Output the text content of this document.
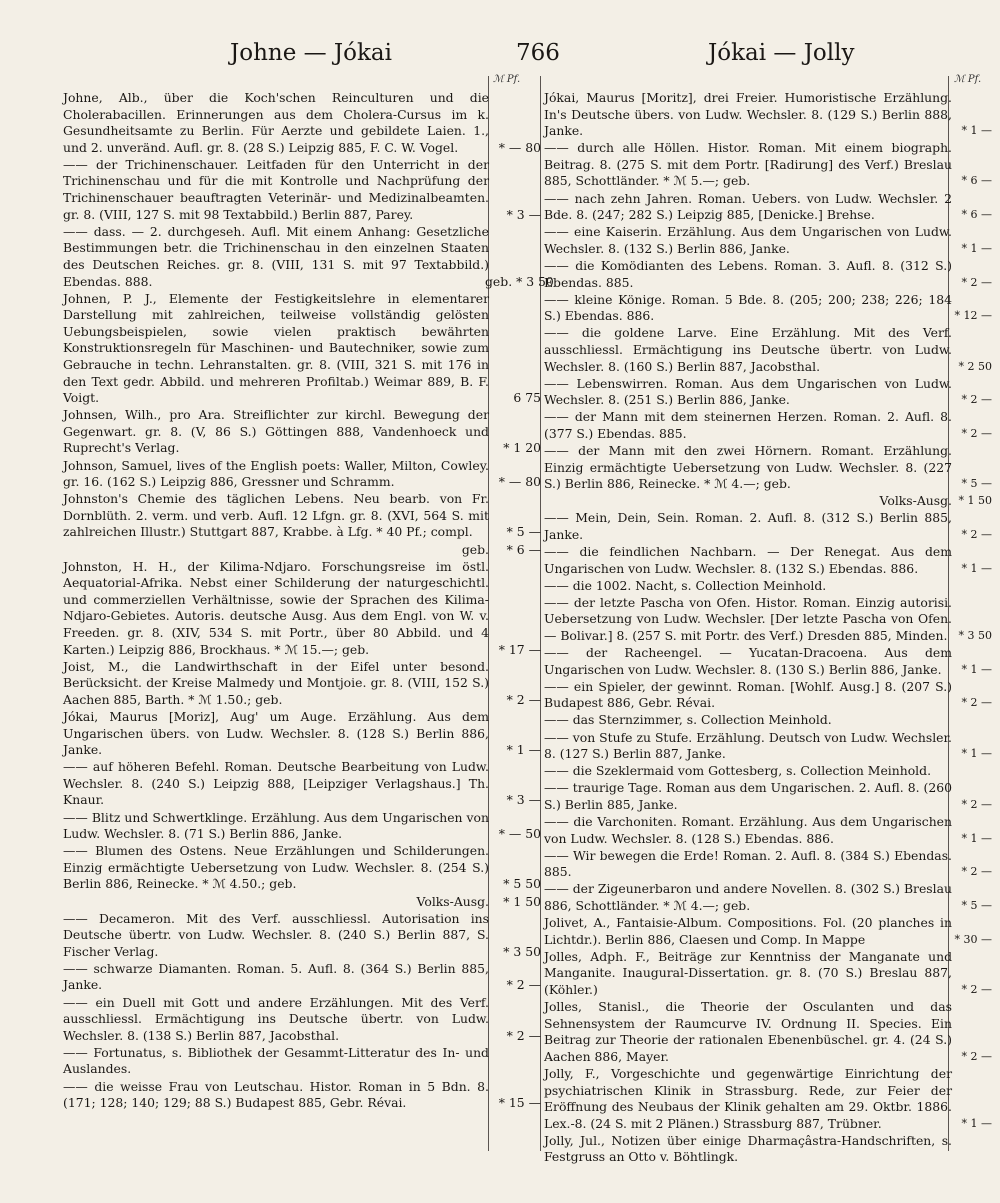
Johne — Jókai	766	Jókai — Jolly
ℳ Pf.	ℳ Pf.
Johne, Alb., über die Koch'schen Reinculturen und die Cholerabacillen. Erinnerungen aus dem Cholera-Cursus im k. Gesundheitsamte zu Berlin. Für Aerzte und gebildete Laien. 1., und 2. unveränd. Aufl. gr. 8. (28 S.) Leipzig 885, F. C. W. Vogel.	* — 80
—— der Trichinenschauer. Leitfaden für den Unterricht in der Trichinenschau und für die mit Kontrolle und Nachprüfung der Trichinenschauer beauftragten Veterinär- und Medizinalbeamten. gr. 8. (VIII, 127 S. mit 98 Textabbild.) Berlin 887, Parey.	* 3 —
—— dass. — 2. durchgeseh. Aufl. Mit einem Anhang: Gesetzliche Bestimmungen betr. die Trichinenschau in den einzelnen Staaten des Deutschen Reiches. gr. 8. (VIII, 131 S. mit 97 Textabbild.) Ebendas. 888.	geb. * 3 50
Johnen, P. J., Elemente der Festigkeitslehre in elementarer Darstellung mit zahlreichen, teilweise vollständig gelösten Uebungsbeispielen, sowie vielen praktisch bewährten Konstruktionsregeln für Maschinen- und Bautechniker, sowie zum Gebrauche in techn. Lehranstalten. gr. 8. (VIII, 321 S. mit 176 in den Text gedr. Abbild. und mehreren Profiltab.) Weimar 889, B. F. Voigt.	6 75
Johnsen, Wilh., pro Ara. Streiflichter zur kirchl. Bewegung der Gegenwart. gr. 8. (V, 86 S.) Göttingen 888, Vandenhoeck und Ruprecht's Verlag.	* 1 20
Johnson, Samuel, lives of the English poets: Waller, Milton, Cowley. gr. 16. (162 S.) Leipzig 886, Gressner und Schramm.	* — 80
Johnston's Chemie des täglichen Lebens. Neu bearb. von Fr. Dornblüth. 2. verm. und verb. Aufl. 12 Lfgn. gr. 8. (XVI, 564 S. mit zahlreichen Illustr.) Stuttgart 887, Krabbe. à Lfg. * 40 Pf.; compl.	* 5 —
geb.	* 6 —
Johnston, H. H., der Kilima-Ndjaro. Forschungsreise im östl. Aequatorial-Afrika. Nebst einer Schilderung der naturgeschichtl. und commerziellen Verhältnisse, sowie der Sprachen des Kilima-Ndjaro-Gebietes. Autoris. deutsche Ausg. Aus dem Engl. von W. v. Freeden. gr. 8. (XIV, 534 S. mit Portr., über 80 Abbild. und 4 Karten.) Leipzig 886, Brockhaus. * ℳ 15.—; geb.	* 17 —
Joist, M., die Landwirthschaft in der Eifel unter besond. Berücksicht. der Kreise Malmedy und Montjoie. gr. 8. (VIII, 152 S.) Aachen 885, Barth. * ℳ 1.50.; geb.	* 2 —
Jókai, Maurus [Moriz], Aug' um Auge. Erzählung. Aus dem Ungarischen übers. von Ludw. Wechsler. 8. (128 S.) Berlin 886, Janke.	* 1 —
—— auf höheren Befehl. Roman. Deutsche Bearbeitung von Ludw. Wechsler. 8. (240 S.) Leipzig 888, [Leipziger Verlagshaus.] Th. Knaur.	* 3 —
—— Blitz und Schwertklinge. Erzählung. Aus dem Ungarischen von Ludw. Wechsler. 8. (71 S.) Berlin 886, Janke.	* — 50
—— Blumen des Ostens. Neue Erzählungen und Schilderungen. Einzig ermächtigte Uebersetzung von Ludw. Wechsler. 8. (254 S.) Berlin 886, Reinecke. * ℳ 4.50.; geb.	* 5 50
Volks-Ausg.	* 1 50
—— Decameron. Mit des Verf. ausschliessl. Autorisation ins Deutsche übertr. von Ludw. Wechsler. 8. (240 S.) Berlin 887, S. Fischer Verlag.	* 3 50
—— schwarze Diamanten. Roman. 5. Aufl. 8. (364 S.) Berlin 885, Janke.	* 2 —
—— ein Duell mit Gott und andere Erzählungen. Mit des Verf. ausschliessl. Ermächtigung ins Deutsche übertr. von Ludw. Wechsler. 8. (138 S.) Berlin 887, Jacobsthal.	* 2 —
—— Fortunatus, s. Bibliothek der Gesammt-Litteratur des In- und Auslandes.
—— die weisse Frau von Leutschau. Histor. Roman in 5 Bdn. 8. (171; 128; 140; 129; 88 S.) Budapest 885, Gebr. Révai.	* 15 —
Jókai, Maurus [Moritz], drei Freier. Humoristische Erzählung. In's Deutsche übers. von Ludw. Wechsler. 8. (129 S.) Berlin 888, Janke.	* 1 —
—— durch alle Höllen. Histor. Roman. Mit einem biograph. Beitrag. 8. (275 S. mit dem Portr. [Radirung] des Verf.) Breslau 885, Schottländer. * ℳ 5.—; geb.	* 6 —
—— nach zehn Jahren. Roman. Uebers. von Ludw. Wechsler. 2 Bde. 8. (247; 282 S.) Leipzig 885, [Denicke.] Brehse.	* 6 —
—— eine Kaiserin. Erzählung. Aus dem Ungarischen von Ludw. Wechsler. 8. (132 S.) Berlin 886, Janke.	* 1 —
—— die Komödianten des Lebens. Roman. 3. Aufl. 8. (312 S.) Ebendas. 885.	* 2 —
—— kleine Könige. Roman. 5 Bde. 8. (205; 200; 238; 226; 184 S.) Ebendas. 886.	* 12 —
—— die goldene Larve. Eine Erzählung. Mit des Verf. ausschliessl. Ermächtigung ins Deutsche übertr. von Ludw. Wechsler. 8. (160 S.) Berlin 887, Jacobsthal.	* 2 50
—— Lebenswirren. Roman. Aus dem Ungarischen von Ludw. Wechsler. 8. (251 S.) Berlin 886, Janke.	* 2 —
—— der Mann mit dem steinernen Herzen. Roman. 2. Aufl. 8. (377 S.) Ebendas. 885.	* 2 —
—— der Mann mit den zwei Hörnern. Romant. Erzählung. Einzig ermächtigte Uebersetzung von Ludw. Wechsler. 8. (227 S.) Berlin 886, Reinecke. * ℳ 4.—; geb.	* 5 —
Volks-Ausg. * 1 50
—— Mein, Dein, Sein. Roman. 2. Aufl. 8. (312 S.) Berlin 885, Janke.	* 2 —
—— die feindlichen Nachbarn. — Der Renegat. Aus dem Ungarischen von Ludw. Wechsler. 8. (132 S.) Ebendas. 886.	* 1 —
—— die 1002. Nacht, s. Collection Meinhold.
—— der letzte Pascha von Ofen. Histor. Roman. Einzig autorisi. Uebersetzung von Ludw. Wechsler. [Der letzte Pascha von Ofen. — Bolivar.] 8. (257 S. mit Portr. des Verf.) Dresden 885, Minden.	* 3 50
—— der Racheengel. — Yucatan-Dracoena. Aus dem Ungarischen von Ludw. Wechsler. 8. (130 S.) Berlin 886, Janke.	* 1 —
—— ein Spieler, der gewinnt. Roman. [Wohlf. Ausg.] 8. (207 S.) Budapest 886, Gebr. Révai.	* 2 —
—— das Sternzimmer, s. Collection Meinhold.
—— von Stufe zu Stufe. Erzählung. Deutsch von Ludw. Wechsler. 8. (127 S.) Berlin 887, Janke.	* 1 —
—— die Szeklermaid vom Gottesberg, s. Collection Meinhold.
—— traurige Tage. Roman aus dem Ungarischen. 2. Aufl. 8. (260 S.) Berlin 885, Janke.	* 2 —
—— die Varchoniten. Romant. Erzählung. Aus dem Ungarischen von Ludw. Wechsler. 8. (128 S.) Ebendas. 886.	* 1 —
—— Wir bewegen die Erde! Roman. 2. Aufl. 8. (384 S.) Ebendas. 885.	* 2 —
—— der Zigeunerbaron und andere Novellen. 8. (302 S.) Breslau 886, Schottländer. * ℳ 4.—; geb.	* 5 —
Jolivet, A., Fantaisie-Album. Compositions. Fol. (20 planches in Lichtdr.). Berlin 886, Claesen und Comp. In Mappe	* 30 —
Jolles, Adph. F., Beiträge zur Kenntniss der Manganate und Manganite. Inaugural-Dissertation. gr. 8. (70 S.) Breslau 887, (Köhler.)	* 2 —
Jolles, Stanisl., die Theorie der Osculanten und das Sehnensystem der Raumcurve IV. Ordnung II. Species. Ein Beitrag zur Theorie der rationalen Ebenenbüschel. gr. 4. (24 S.) Aachen 886, Mayer.	* 2 —
Jolly, F., Vorgeschichte und gegenwärtige Einrichtung der psychiatrischen Klinik in Strassburg. Rede, zur Feier der Eröffnung des Neubaus der Klinik gehalten am 29. Oktbr. 1886. Lex.-8. (24 S. mit 2 Plänen.) Strassburg 887, Trübner.	* 1 —
Jolly, Jul., Notizen über einige Dharmaçâstra-Handschriften, s. Festgruss an Otto v. Böhtlingk.
